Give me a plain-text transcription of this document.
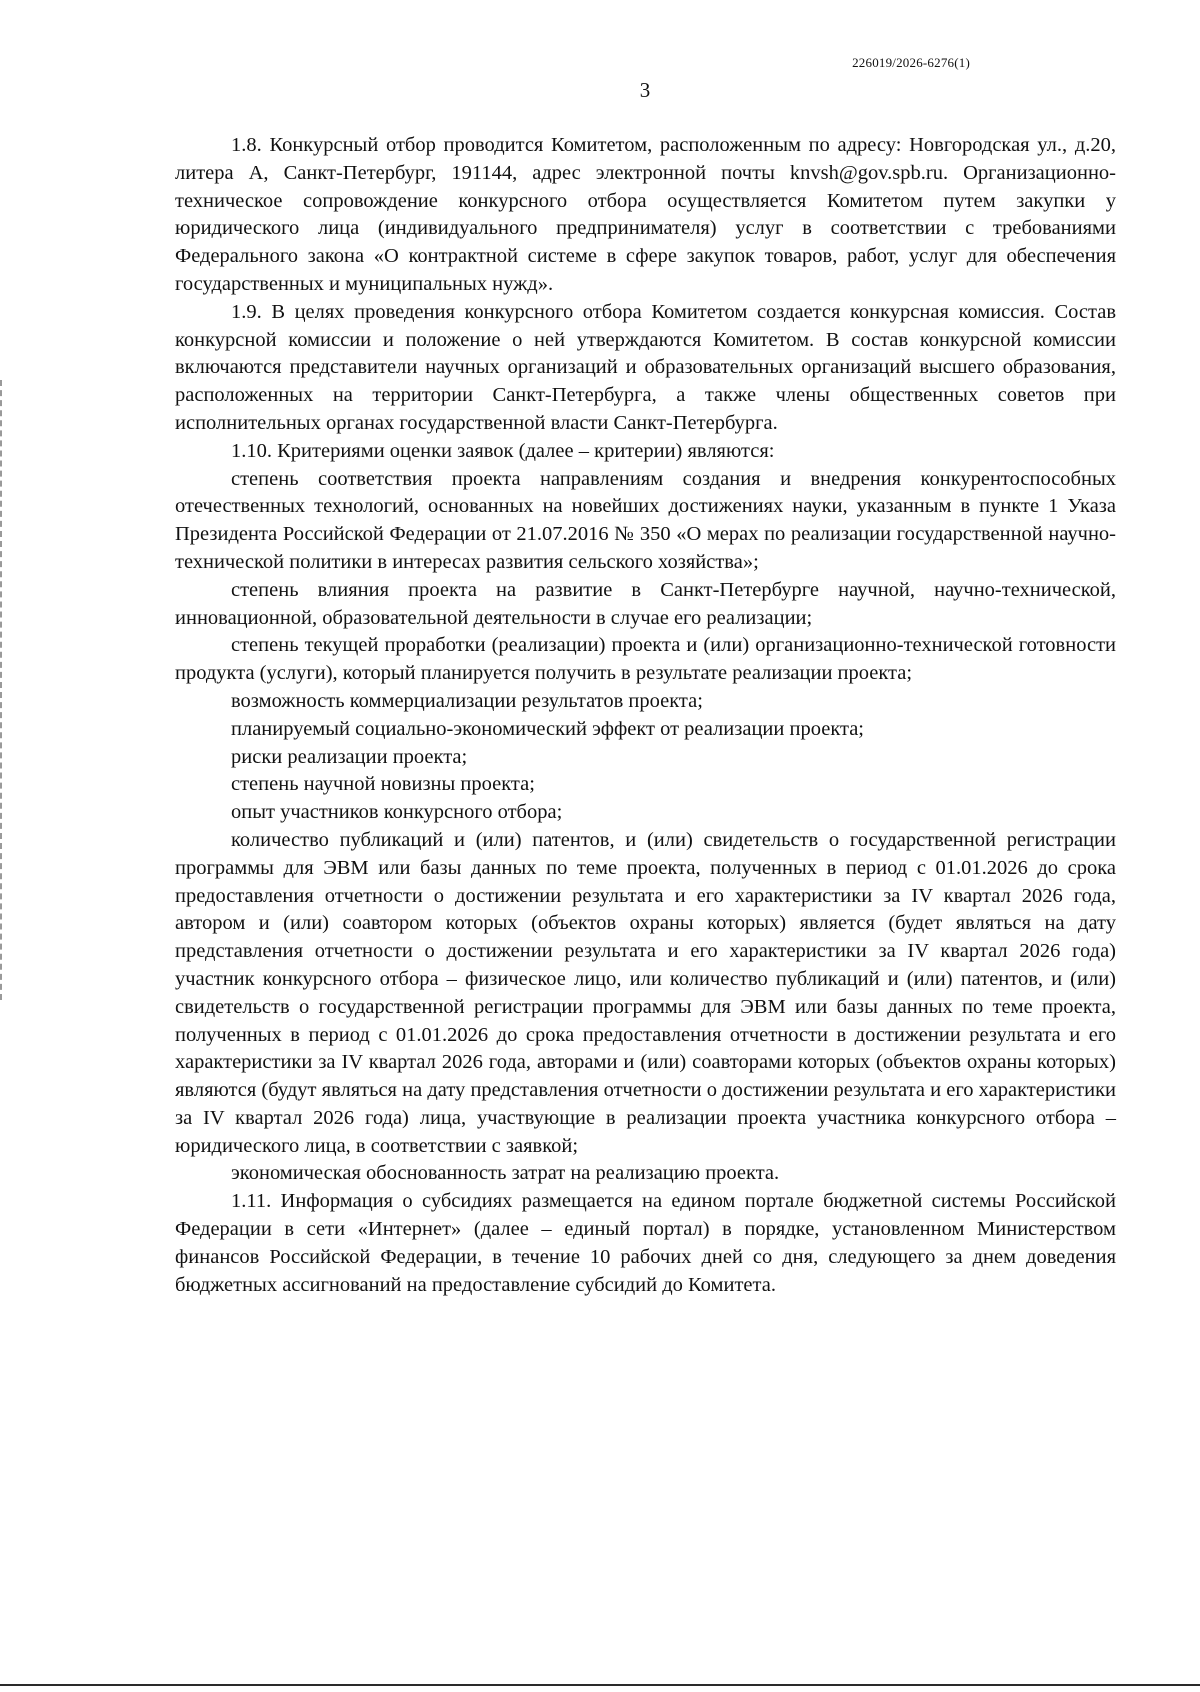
226019/2026-6276(1)
3

1.8. Конкурсный отбор проводится Комитетом, расположенным по адресу: Новгородская ул., д.20, литера А, Санкт-Петербург, 191144, адрес электронной почты knvsh@gov.spb.ru. Организационно-техническое сопровождение конкурсного отбора осуществляется Комитетом путем закупки у юридического лица (индивидуального предпринимателя) услуг в соответствии с требованиями Федерального закона «О контрактной системе в сфере закупок товаров, работ, услуг для обеспечения государственных и муниципальных нужд».

1.9. В целях проведения конкурсного отбора Комитетом создается конкурсная комиссия. Состав конкурсной комиссии и положение о ней утверждаются Комитетом. В состав конкурсной комиссии включаются представители научных организаций и образовательных организаций высшего образования, расположенных на территории Санкт-Петербурга, а также члены общественных советов при исполнительных органах государственной власти Санкт-Петербурга.

1.10. Критериями оценки заявок (далее – критерии) являются:

степень соответствия проекта направлениям создания и внедрения конкурентоспособных отечественных технологий, основанных на новейших достижениях науки, указанным в пункте 1 Указа Президента Российской Федерации от 21.07.2016 № 350 «О мерах по реализации государственной научно-технической политики в интересах развития сельского хозяйства»;

степень влияния проекта на развитие в Санкт-Петербурге научной, научно-технической, инновационной, образовательной деятельности в случае его реализации;

степень текущей проработки (реализации) проекта и (или) организационно-технической готовности продукта (услуги), который планируется получить в результате реализации проекта;

возможность коммерциализации результатов проекта;

планируемый социально-экономический эффект от реализации проекта;

риски реализации проекта;

степень научной новизны проекта;

опыт участников конкурсного отбора;

количество публикаций и (или) патентов, и (или) свидетельств о государственной регистрации программы для ЭВМ или базы данных по теме проекта, полученных в период с 01.01.2026 до срока предоставления отчетности о достижении результата и его характеристики за IV квартал 2026 года, автором и (или) соавтором которых (объектов охраны которых) является (будет являться на дату представления отчетности о достижении результата и его характеристики за IV квартал 2026 года) участник конкурсного отбора – физическое лицо, или количество публикаций и (или) патентов, и (или) свидетельств о государственной регистрации программы для ЭВМ или базы данных по теме проекта, полученных в период с 01.01.2026 до срока предоставления отчетности в достижении результата и его характеристики за IV квартал 2026 года, авторами и (или) соавторами которых (объектов охраны которых) являются (будут являться на дату представления отчетности о достижении результата и его характеристики за IV квартал 2026 года) лица, участвующие в реализации проекта участника конкурсного отбора – юридического лица, в соответствии с заявкой;

экономическая обоснованность затрат на реализацию проекта.

1.11. Информация о субсидиях размещается на едином портале бюджетной системы Российской Федерации в сети «Интернет» (далее – единый портал) в порядке, установленном Министерством финансов Российской Федерации, в течение 10 рабочих дней со дня, следующего за днем доведения бюджетных ассигнований на предоставление субсидий до Комитета.
